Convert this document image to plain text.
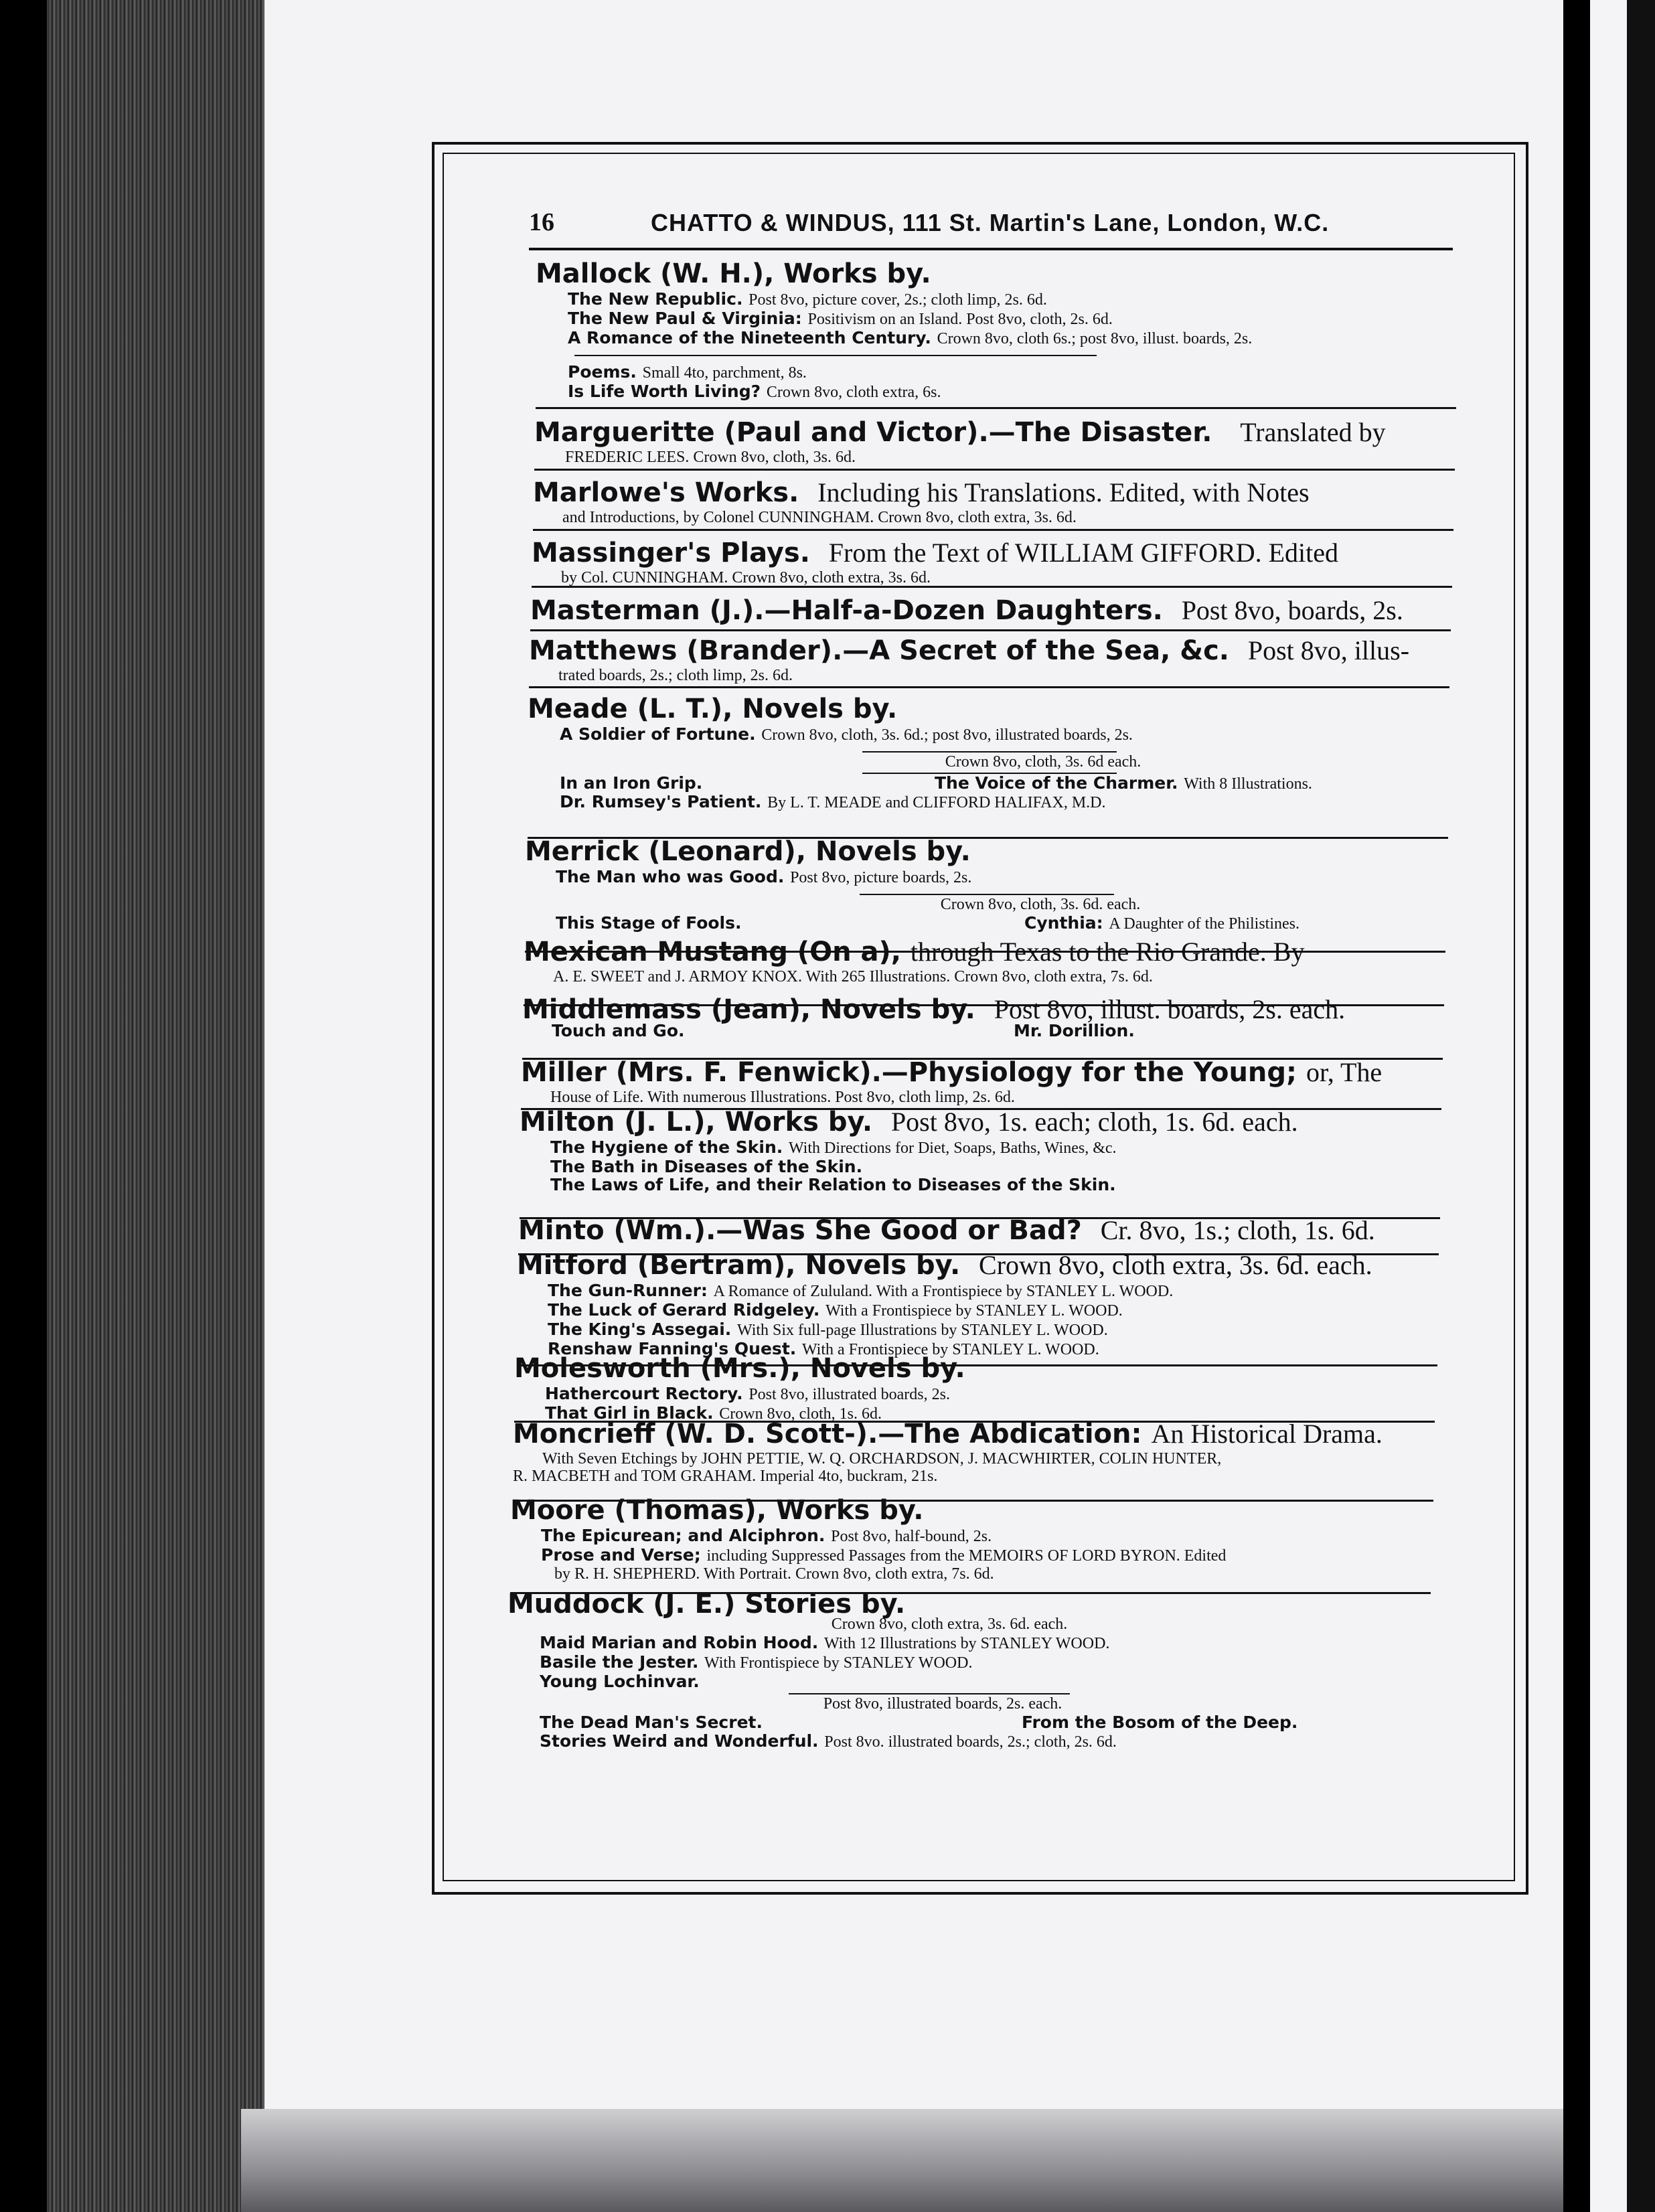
16	CHATTO & WINDUS, 111 St. Martin's Lane, London, W.C.
Mallock (W. H.), Works by.
The New Republic. Post 8vo, picture cover, 2s.; cloth limp, 2s. 6d.
The New Paul & Virginia: Positivism on an Island. Post 8vo, cloth, 2s. 6d.
A Romance of the Nineteenth Century. Crown 8vo, cloth 6s.; post 8vo, illust. boards, 2s.
Poems. Small 4to, parchment, 8s.
Is Life Worth Living? Crown 8vo, cloth extra, 6s.
Margueritte (Paul and Victor).—The Disaster. Translated by
FREDERIC LEES. Crown 8vo, cloth, 3s. 6d.
Marlowe's Works. Including his Translations. Edited, with Notes
and Introductions, by Colonel CUNNINGHAM. Crown 8vo, cloth extra, 3s. 6d.
Massinger's Plays. From the Text of WILLIAM GIFFORD. Edited
by Col. CUNNINGHAM. Crown 8vo, cloth extra, 3s. 6d.
Masterman (J.).—Half-a-Dozen Daughters. Post 8vo, boards, 2s.
Matthews (Brander).—A Secret of the Sea, &c. Post 8vo, illus-
trated boards, 2s.; cloth limp, 2s. 6d.
Meade (L. T.), Novels by.
A Soldier of Fortune. Crown 8vo, cloth, 3s. 6d.; post 8vo, illustrated boards, 2s.
Crown 8vo, cloth, 3s. 6d each.
In an Iron Grip.	The Voice of the Charmer. With 8 Illustrations.
Dr. Rumsey's Patient. By L. T. MEADE and CLIFFORD HALIFAX, M.D.
Merrick (Leonard), Novels by.
The Man who was Good. Post 8vo, picture boards, 2s.
Crown 8vo, cloth, 3s. 6d. each.
This Stage of Fools.	Cynthia: A Daughter of the Philistines.
Mexican Mustang (On a), through Texas to the Rio Grande. By
A. E. SWEET and J. ARMOY KNOX. With 265 Illustrations. Crown 8vo, cloth extra, 7s. 6d.
Middlemass (Jean), Novels by. Post 8vo, illust. boards, 2s. each.
Touch and Go.	Mr. Dorillion.
Miller (Mrs. F. Fenwick).—Physiology for the Young; or, The
House of Life. With numerous Illustrations. Post 8vo, cloth limp, 2s. 6d.
Milton (J. L.), Works by. Post 8vo, 1s. each; cloth, 1s. 6d. each.
The Hygiene of the Skin. With Directions for Diet, Soaps, Baths, Wines, &c.
The Bath in Diseases of the Skin.
The Laws of Life, and their Relation to Diseases of the Skin.
Minto (Wm.).—Was She Good or Bad? Cr. 8vo, 1s.; cloth, 1s. 6d.
Mitford (Bertram), Novels by. Crown 8vo, cloth extra, 3s. 6d. each.
The Gun-Runner: A Romance of Zululand. With a Frontispiece by STANLEY L. WOOD.
The Luck of Gerard Ridgeley. With a Frontispiece by STANLEY L. WOOD.
The King's Assegai. With Six full-page Illustrations by STANLEY L. WOOD.
Renshaw Fanning's Quest. With a Frontispiece by STANLEY L. WOOD.
Molesworth (Mrs.), Novels by.
Hathercourt Rectory. Post 8vo, illustrated boards, 2s.
That Girl in Black. Crown 8vo, cloth, 1s. 6d.
Moncrieff (W. D. Scott-).—The Abdication: An Historical Drama.
With Seven Etchings by JOHN PETTIE, W. Q. ORCHARDSON, J. MACWHIRTER, COLIN HUNTER,
R. MACBETH and TOM GRAHAM. Imperial 4to, buckram, 21s.
Moore (Thomas), Works by.
The Epicurean; and Alciphron. Post 8vo, half-bound, 2s.
Prose and Verse; including Suppressed Passages from the MEMOIRS OF LORD BYRON. Edited
by R. H. SHEPHERD. With Portrait. Crown 8vo, cloth extra, 7s. 6d.
Muddock (J. E.) Stories by.
Crown 8vo, cloth extra, 3s. 6d. each.
Maid Marian and Robin Hood. With 12 Illustrations by STANLEY WOOD.
Basile the Jester. With Frontispiece by STANLEY WOOD.
Young Lochinvar.
Post 8vo, illustrated boards, 2s. each.
The Dead Man's Secret.	From the Bosom of the Deep.
Stories Weird and Wonderful. Post 8vo. illustrated boards, 2s.; cloth, 2s. 6d.
